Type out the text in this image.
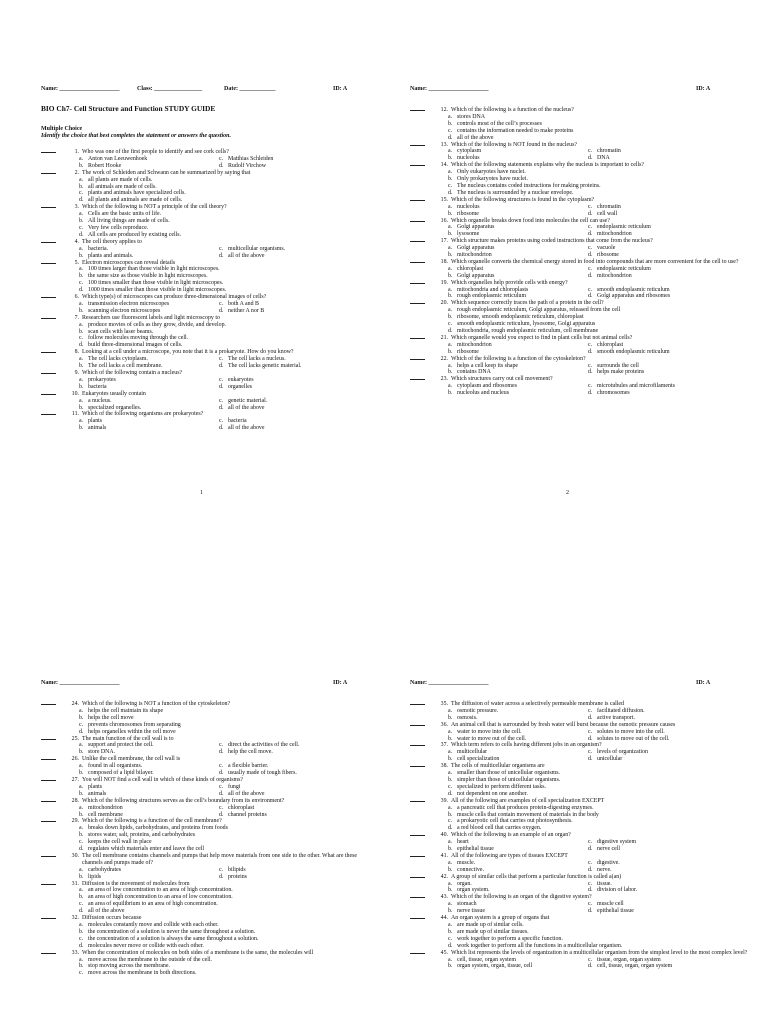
Name: ____________________	Class: ________________	Date: ____________	ID: A
BIO Ch7- Cell Structure and Function STUDY GUIDE
Multiple Choice
Identify the choice that best completes the statement or answers the question.
1. Who was one of the first people to identify and see cork cells?
a. Anton van Leeuwenhoek	c. Matthias Schleiden
b. Robert Hooke	d. Rudolf Virchow
2. The work of Schleiden and Schwann can be summarized by saying that
a. all plants are made of cells.
b. all animals are made of cells.
c. plants and animals have specialized cells.
d. all plants and animals are made of cells.
3. Which of the following is NOT a principle of the cell theory?
a. Cells are the basic units of life.
b. All living things are made of cells.
c. Very few cells reproduce.
d. All cells are produced by existing cells.
4. The cell theory applies to
a. bacteria.	c. multicellular organisms.
b. plants and animals.	d. all of the above
5. Electron microscopes can reveal details
a. 100 times larger than those visible in light microscopes.
b. the same size as those visible in light microscopes.
c. 100 times smaller than those visible in light microscopes.
d. 1000 times smaller than those visible in light microscopes.
6. Which type(s) of microscopes can produce three-dimensional images of cells?
a. transmission electron microscopes	c. both A and B
b. scanning electron microscopes	d. neither A nor B
7. Researchers use fluorescent labels and light microscopy to
a. produce movies of cells as they grow, divide, and develop.
b. scan cells with laser beams.
c. follow molecules moving through the cell.
d. build three-dimensional images of cells.
8. Looking at a cell under a microscope, you note that it is a prokaryote. How do you know?
a. The cell lacks cytoplasm.	c. The cell lacks a nucleus.
b. The cell lacks a cell membrane.	d. The cell lacks genetic material.
9. Which of the following contain a nucleus?
a. prokaryotes	c. eukaryotes
b. bacteria	d. organelles
10. Eukaryotes usually contain
a. a nucleus.	c. genetic material.
b. specialized organelles.	d. all of the above
11. Which of the following organisms are prokaryotes?
a. plants	c. bacteria
b. animals	d. all of the above
1
Name: ____________________	ID: A
12. Which of the following is a function of the nucleus?
a. stores DNA
b. controls most of the cell’s processes
c. contains the information needed to make proteins
d. all of the above
13. Which of the following is NOT found in the nucleus?
a. cytoplasm	c. chromatin
b. nucleolus	d. DNA
14. Which of the following statements explains why the nucleus is important to cells?
a. Only eukaryotes have nuclei.
b. Only prokaryotes have nuclei.
c. The nucleus contains coded instructions for making proteins.
d. The nucleus is surrounded by a nuclear envelope.
15. Which of the following structures is found in the cytoplasm?
a. nucleolus	c. chromatin
b. ribosome	d. cell wall
16. Which organelle breaks down food into molecules the cell can use?
a. Golgi apparatus	c. endoplasmic reticulum
b. lysosome	d. mitochondrion
17. Which structure makes proteins using coded instructions that come from the nucleus?
a. Golgi apparatus	c. vacuole
b. mitochondrion	d. ribosome
18. Which organelle converts the chemical energy stored in food into compounds that are more convenient for the cell to use?
a. chloroplast	c. endoplasmic reticulum
b. Golgi apparatus	d. mitochondrion
19. Which organelles help provide cells with energy?
a. mitochondria and chloroplasts	c. smooth endoplasmic reticulum
b. rough endoplasmic reticulum	d. Golgi apparatus and ribosomes
20. Which sequence correctly traces the path of a protein in the cell?
a. rough endoplasmic reticulum, Golgi apparatus, released from the cell
b. ribosome, smooth endoplasmic reticulum, chloroplast
c. smooth endoplasmic reticulum, lysosome, Golgi apparatus
d. mitochondria, rough endoplasmic reticulum, cell membrane
21. Which organelle would you expect to find in plant cells but not animal cells?
a. mitochondrion	c. chloroplast
b. ribosome	d. smooth endoplasmic reticulum
22. Which of the following is a function of the cytoskeleton?
a. helps a cell keep its shape	c. surrounds the cell
b. contains DNA	d. helps make proteins
23. Which structures carry out cell movement?
a. cytoplasm and ribosomes	c. microtubules and microfilaments
b. nucleolus and nucleus	d. chromosomes
2
Name: ____________________	ID: A
24. Which of the following is NOT a function of the cytoskeleton?
a. helps the cell maintain its shape
b. helps the cell move
c. prevents chromosomes from separating
d. helps organelles within the cell move
25. The main function of the cell wall is to
a. support and protect the cell.	c. direct the activities of the cell.
b. store DNA.	d. help the cell move.
26. Unlike the cell membrane, the cell wall is
a. found in all organisms.	c. a flexible barrier.
b. composed of a lipid bilayer.	d. usually made of tough fibers.
27. You will NOT find a cell wall in which of these kinds of organisms?
a. plants	c. fungi
b. animals	d. all of the above
28. Which of the following structures serves as the cell’s boundary from its environment?
a. mitochondrion	c. chloroplast
b. cell membrane	d. channel proteins
29. Which of the following is a function of the cell membrane?
a. breaks down lipids, carbohydrates, and proteins from foods
b. stores water, salt, proteins, and carbohydrates
c. keeps the cell wall in place
d. regulates which materials enter and leave the cell
30. The cell membrane contains channels and pumps that help move materials from one side to the other. What are these channels and pumps made of?
a. carbohydrates	c. bilipids
b. lipids	d. proteins
31. Diffusion is the movement of molecules from
a. an area of low concentration to an area of high concentration.
b. an area of high concentration to an area of low concentration.
c. an area of equilibrium to an area of high concentration.
d. all of the above
32. Diffusion occurs because
a. molecules constantly move and collide with each other.
b. the concentration of a solution is never the same throughout a solution.
c. the concentration of a solution is always the same throughout a solution.
d. molecules never move or collide with each other.
33. When the concentration of molecules on both sides of a membrane is the same, the molecules will
a. move across the membrane to the outside of the cell.
b. stop moving across the membrane.
c. move across the membrane in both directions.
Name: ____________________	ID: A
35. The diffusion of water across a selectively permeable membrane is called
a. osmotic pressure.	c. facilitated diffusion.
b. osmosis.	d. active transport.
36. An animal cell that is surrounded by fresh water will burst because the osmotic pressure causes
a. water to move into the cell.	c. solutes to move into the cell.
b. water to move out of the cell.	d. solutes to move out of the cell.
37. Which term refers to cells having different jobs in an organism?
a. multicellular	c. levels of organization
b. cell specialization	d. unicellular
38. The cells of multicellular organisms are
a. smaller than those of unicellular organisms.
b. simpler than those of unicellular organisms.
c. specialized to perform different tasks.
d. not dependent on one another.
39. All of the following are examples of cell specialization EXCEPT
a. a pancreatic cell that produces protein-digesting enzymes.
b. muscle cells that contain movement of materials in the body
c. a prokaryotic cell that carries out photosynthesis.
d. a red blood cell that carries oxygen.
40. Which of the following is an example of an organ?
a. heart	c. digestive system
b. epithelial tissue	d. nerve cell
41. All of the following are types of tissues EXCEPT
a. muscle.	c. digestive.
b. connective.	d. nerve.
42. A group of similar cells that perform a particular function is called a(an)
a. organ.	c. tissue.
b. organ system.	d. division of labor.
43. Which of the following is an organ of the digestive system?
a. stomach	c. muscle cell
b. nerve tissue	d. epithelial tissue
44. An organ system is a group of organs that
a. are made up of similar cells.
b. are made up of similar tissues.
c. work together to perform a specific function.
d. work together to perform all the functions in a multicellular organism.
45. Which list represents the levels of organization in a multicellular organism from the simplest level to the most complex level?
a. cell, tissue, organ system	c. tissue, organ, organ system
b. organ system, organ, tissue, cell	d. cell, tissue, organ, organ system
